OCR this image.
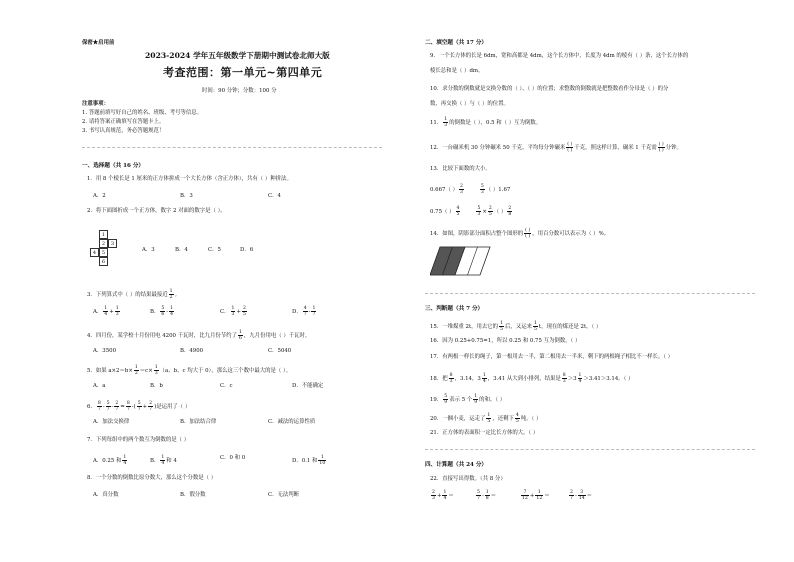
保密★启用前
2023-2024 学年五年级数学下册期中测试卷北师大版
考查范围：第一单元~第四单元
时间：90 分钟；分数：100 分
注意事项：
1. 答题前填写好自己的姓名、班级、考号等信息。
2. 请将答案正确填写在答题卡上。
3. 书写认真规范，务必答题规范！
一、选择题（共 16 分）
1．用 8 个棱长是 1 厘米的正方体拼成一个大长方体（含正方体），共有（ ）种拼法。
A．2	B．3	C．4
2．将下面图折成一个正方体，数字 2 对面的数字是（ ）。
1
2	3
4	5
6
A．3	B．4	C．5	D．6
3．下列算式中（ ）的结果最接近 $\frac{1}{2}$ 。
A． $\frac{1}{4} + \frac{1}{3}$	B． $\frac{5}{6} - \frac{1}{4}$	C． $\frac{1}{3} + \frac{2}{5}$	D． $\frac{4}{7} - \frac{1}{7}$
4．四月份，某学校十月份用电 4200 千瓦时，比九月份节约了 $\frac{1}{6}$ ，九月份用电（ ）千瓦时。
A．3500	B．4900	C．5040
5．如果 $a\times 2=b\times \frac{1}{2} =c\times \frac{1}{3} (a$、b、c 均大于 0），那么这三个数中最大的是（ ）。
A．a	B．b	C．c	D．不能确定
6． $\frac{8}{7} - \frac{5}{7} - \frac{2}{7} = \frac{8}{7}$ -( $\frac{5}{7} + \frac{2}{7}$ )是运用了（ ）
A．加法交换律	B．加法结合律	C．减法的运算性质
7．下列每组中的两个数互为倒数的是（ ）
A．0.25 和 $\frac{1}{4}$	B． $\frac{1}{4}$ 和 4	C．0 和 0	D．0.1 和 $\frac{1}{10}$
8．一个分数的倒数比原分数大，那么这个分数是（ ）
A．真分数	B．假分数	C．无法判断
二、填空题（共 17 分）
9．一个长方体的长是 6dm，宽和高都是 4dm，这个长方体中，长度为 4dm 的棱有（ ）条，这个长方体的
棱长总和是（ ）dm。
10．求分数的倒数就是交换分数的（ ）、（ ）的位置；求整数的倒数就是把整数看作分母是（ ）的分
数，再交换（ ）与（ ）的位置。
11． $\frac{1}{3}$ 的倒数是（ ），0.5 和（ ）互为倒数。
12．一台碾米机 30 分钟碾米 50 千克，平均每分钟碾米 $\frac{( )}{( )}$ 千克，照这样计算，碾米 1 千克需 $\frac{( )}{( )}$ 分钟。
13．比较下面数的大小。
0.667（ ） $\frac{2}{3}$	$\frac{5}{3}$ （ ）1.67
0.75（ ） $\frac{4}{5}$	$\frac{5}{3} \times \frac{2}{5}$ （ ） $\frac{2}{8}$
14．如图，阴影部分面积占整个图形的 $\frac{( )}{( )}$ ，用百分数可以表示为（ ）%。
三、判断题（共 7 分）
15．一堆煤重 2t，用去它的 $\frac{1}{5}$ 后，又运来 $\frac{1}{5}$ t，现在的煤还是 2t。（ ）
16．因为 0.25+0.75=1，所以 0.25 和 0.75 互为倒数。（ ）
17．有两根一样长的绳子，第一根用去一半，第二根用去一半米，剩下的两根绳子相比不一样长。（ ）
18．把 $\frac{8}{3}$ ，3.14，$3 \frac{1}{4}$ ，3.41 从大到小排列，结果是 $\frac{8}{3} >3 \frac{1}{4} >3.41>3.14$。（ ）
19． $\frac{5}{9}$ 表示 5 个 $\frac{1}{9}$ 的和。（ ）
20．一捆小麦，运走了 $\frac{1}{5}$ ，还剩下 $\frac{4}{5}$ 吨。（ ）
21．正方体的表面积一定比长方体的大。（ ）
四、计算题（共 24 分）
22．直接写出得数。（共 8 分）
$\frac{2}{3} + \frac{1}{4}$ ＝	$\frac{5}{7} - \frac{1}{8}$ ＝	$\frac{7}{12} + \frac{1}{12}$ ＝	$\frac{2}{7} - \frac{3}{14}$ ＝
